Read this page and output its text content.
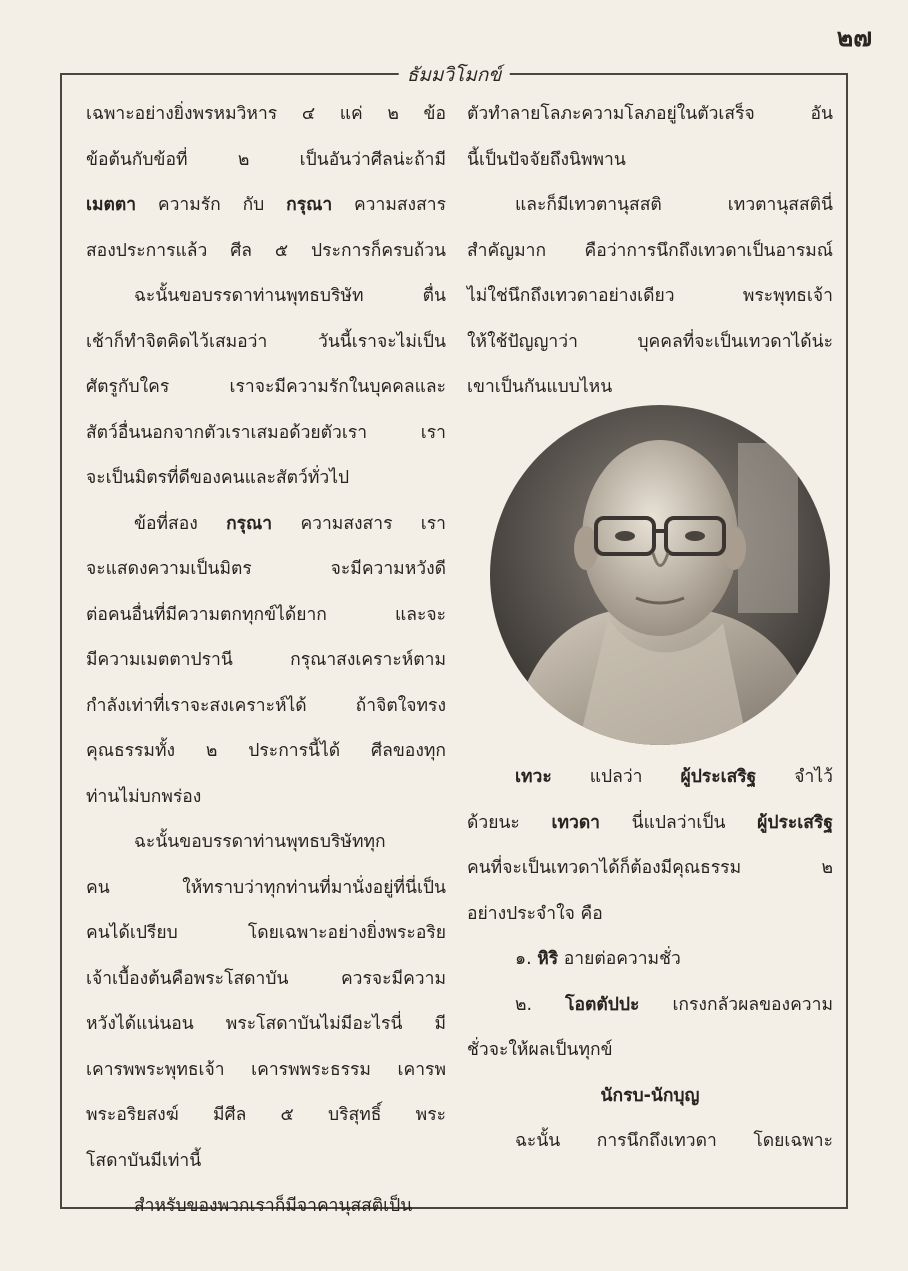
๒๗
ธัมมวิโมกข์
เฉพาะอย่างยิ่งพรหมวิหาร ๔ แค่ ๒ ข้อ
ข้อต้นกับข้อที่ ๒ เป็นอันว่าศีลน่ะถ้ามี
เมตตา ความรัก กับ กรุณา ความสงสาร
สองประการแล้ว ศีล ๕ ประการก็ครบถ้วน
ฉะนั้นขอบรรดาท่านพุทธบริษัท ตื่น
เช้าก็ทำจิตคิดไว้เสมอว่า วันนี้เราจะไม่เป็น
ศัตรูกับใคร เราจะมีความรักในบุคคลและ
สัตว์อื่นนอกจากตัวเราเสมอด้วยตัวเรา เรา
จะเป็นมิตรที่ดีของคนและสัตว์ทั่วไป
ข้อที่สอง กรุณา ความสงสาร เรา
จะแสดงความเป็นมิตร จะมีความหวังดี
ต่อคนอื่นที่มีความตกทุกข์ได้ยาก และจะ
มีความเมตตาปรานี กรุณาสงเคราะห์ตาม
กำลังเท่าที่เราจะสงเคราะห์ได้ ถ้าจิตใจทรง
คุณธรรมทั้ง ๒ ประการนี้ได้ ศีลของทุก
ท่านไม่บกพร่อง
ฉะนั้นขอบรรดาท่านพุทธบริษัททุก
คน ให้ทราบว่าทุกท่านที่มานั่งอยู่ที่นี่เป็น
คนได้เปรียบ โดยเฉพาะอย่างยิ่งพระอริย
เจ้าเบื้องต้นคือพระโสดาบัน ควรจะมีความ
หวังได้แน่นอน พระโสดาบันไม่มีอะไรนี่ มี
เคารพพระพุทธเจ้า เคารพพระธรรม เคารพ
พระอริยสงฆ์ มีศีล ๕ บริสุทธิ์ พระ
โสดาบันมีเท่านี้
สำหรับของพวกเราก็มีจาคานุสสติเป็น
ตัวทำลายโลภะความโลภอยู่ในตัวเสร็จ อัน
นี้เป็นปัจจัยถึงนิพพาน
และก็มีเทวตานุสสติ เทวตานุสสตินี่
สำคัญมาก คือว่าการนึกถึงเทวดาเป็นอารมณ์
ไม่ใช่นึกถึงเทวดาอย่างเดียว พระพุทธเจ้า
ให้ใช้ปัญญาว่า บุคคลที่จะเป็นเทวดาได้น่ะ
เขาเป็นกันแบบไหน
เทวะ แปลว่า ผู้ประเสริฐ จำไว้
ด้วยนะ เทวดา นี่แปลว่าเป็น ผู้ประเสริฐ
คนที่จะเป็นเทวดาได้ก็ต้องมีคุณธรรม ๒
อย่างประจำใจ คือ
๑. หิริ อายต่อความชั่ว
๒. โอตตัปปะ เกรงกลัวผลของความ
ชั่วจะให้ผลเป็นทุกข์
นักรบ-นักบุญ
ฉะนั้น การนึกถึงเทวดา โดยเฉพาะ
